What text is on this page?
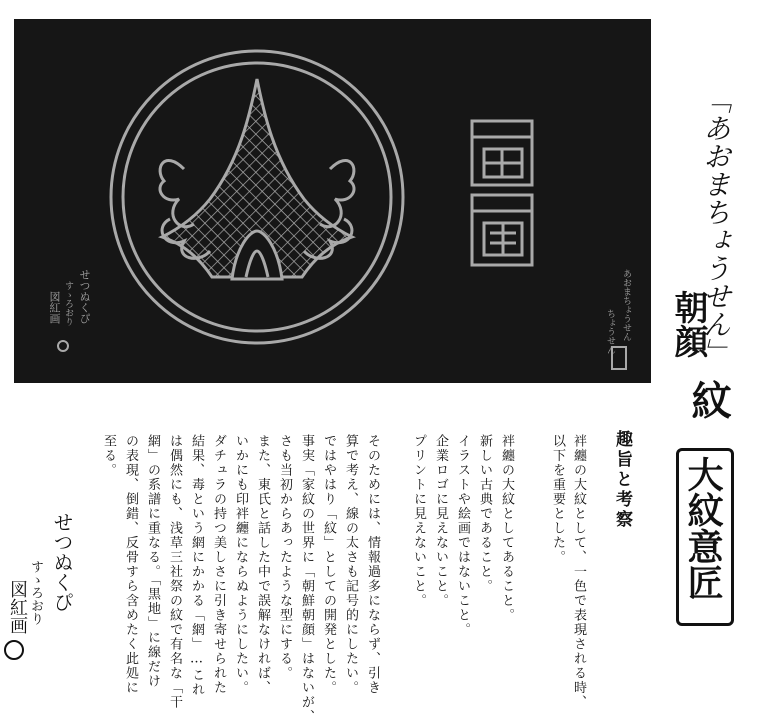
せつぬくぴ
すゝろおり
図紅画	あおまちょうせん
ちょうせん	「あおまちょうせん」
朝顔
紋
大紋意匠
趣旨と考察
袢纏の大紋として、一色で表現される時、
以下を重要とした。
袢纏の大紋としてあること。
新しい古典であること。
イラストや絵画ではないこと。
企業ロゴに見えないこと。
プリントに見えないこと。
そのためには、情報過多にならず、引き
算で考え、線の太さも記号的にしたい。
ではやはり「紋」としての開発とした。
事実「家紋の世界に「朝鮮朝顔」はないが、
さも当初からあったような型にする。
また、東氏と話した中で誤解なければ、
いかにも印袢纏にならぬようにしたい。
ダチュラの持つ美しさに引き寄せられた
結果、毒という網にかかる「網」…これ
は偶然にも、浅草三社祭の紋で有名な「干
網」の系譜に重なる。「黒地」に線だけ
の表現、倒錯、反骨すら含めたく此処に
至る。
せつぬくぴ
すゝろおり
図紅画
